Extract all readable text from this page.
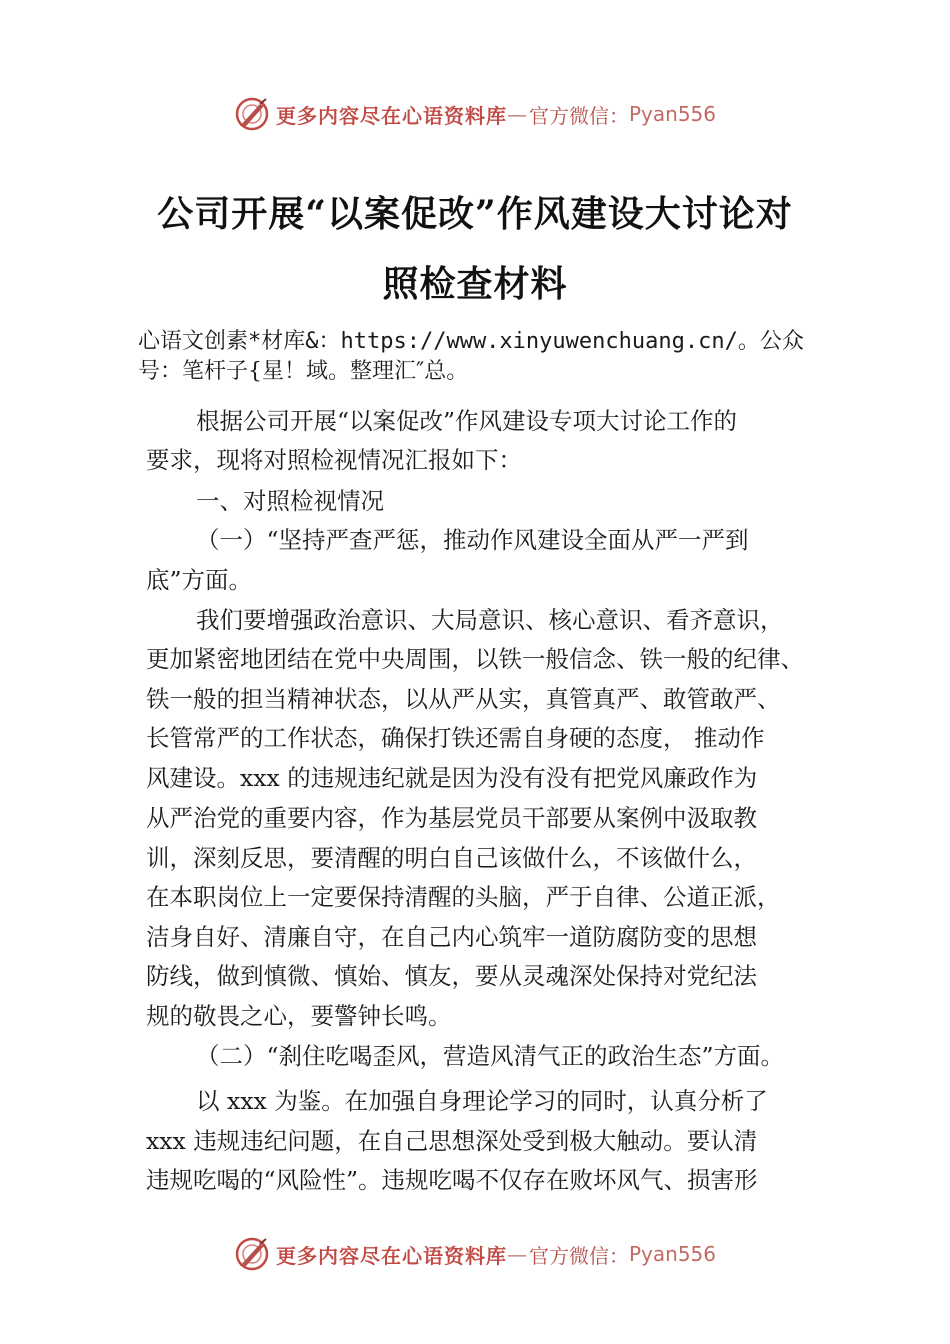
更多内容尽在心语资料库 — 官方微信： Pyan556
公司开展“以案促改”作风建设大讨论对
照检查材料
心语文创素*材库&：https://www.xinyuwenchuang.cn/。公众
号：笔杆子{星！域。整理汇″总。
根据公司开展“以案促改”作风建设专项大讨论工作的
要求，现将对照检视情况汇报如下：
一、对照检视情况
（一）“坚持严查严惩，推动作风建设全面从严一严到
底”方面。
我们要增强政治意识、大局意识、核心意识、看齐意识，
更加紧密地团结在党中央周围，以铁一般信念、铁一般的纪律、
铁一般的担当精神状态，以从严从实，真管真严、敢管敢严、
长管常严的工作状态，确保打铁还需自身硬的态度， 推动作
风建设。xxx 的违规违纪就是因为没有没有把党风廉政作为
从严治党的重要内容，作为基层党员干部要从案例中汲取教
训，深刻反思，要清醒的明白自己该做什么，不该做什么，
在本职岗位上一定要保持清醒的头脑，严于自律、公道正派，
洁身自好、清廉自守，在自己内心筑牢一道防腐防变的思想
防线，做到慎微、慎始、慎友，要从灵魂深处保持对党纪法
规的敬畏之心，要警钟长鸣。
（二）“刹住吃喝歪风，营造风清气正的政治生态”方面。
以 xxx 为鉴。在加强自身理论学习的同时，认真分析了
xxx 违规违纪问题，在自己思想深处受到极大触动。要认清
违规吃喝的“风险性”。违规吃喝不仅存在败坏风气、损害形
更多内容尽在心语资料库 — 官方微信： Pyan556
